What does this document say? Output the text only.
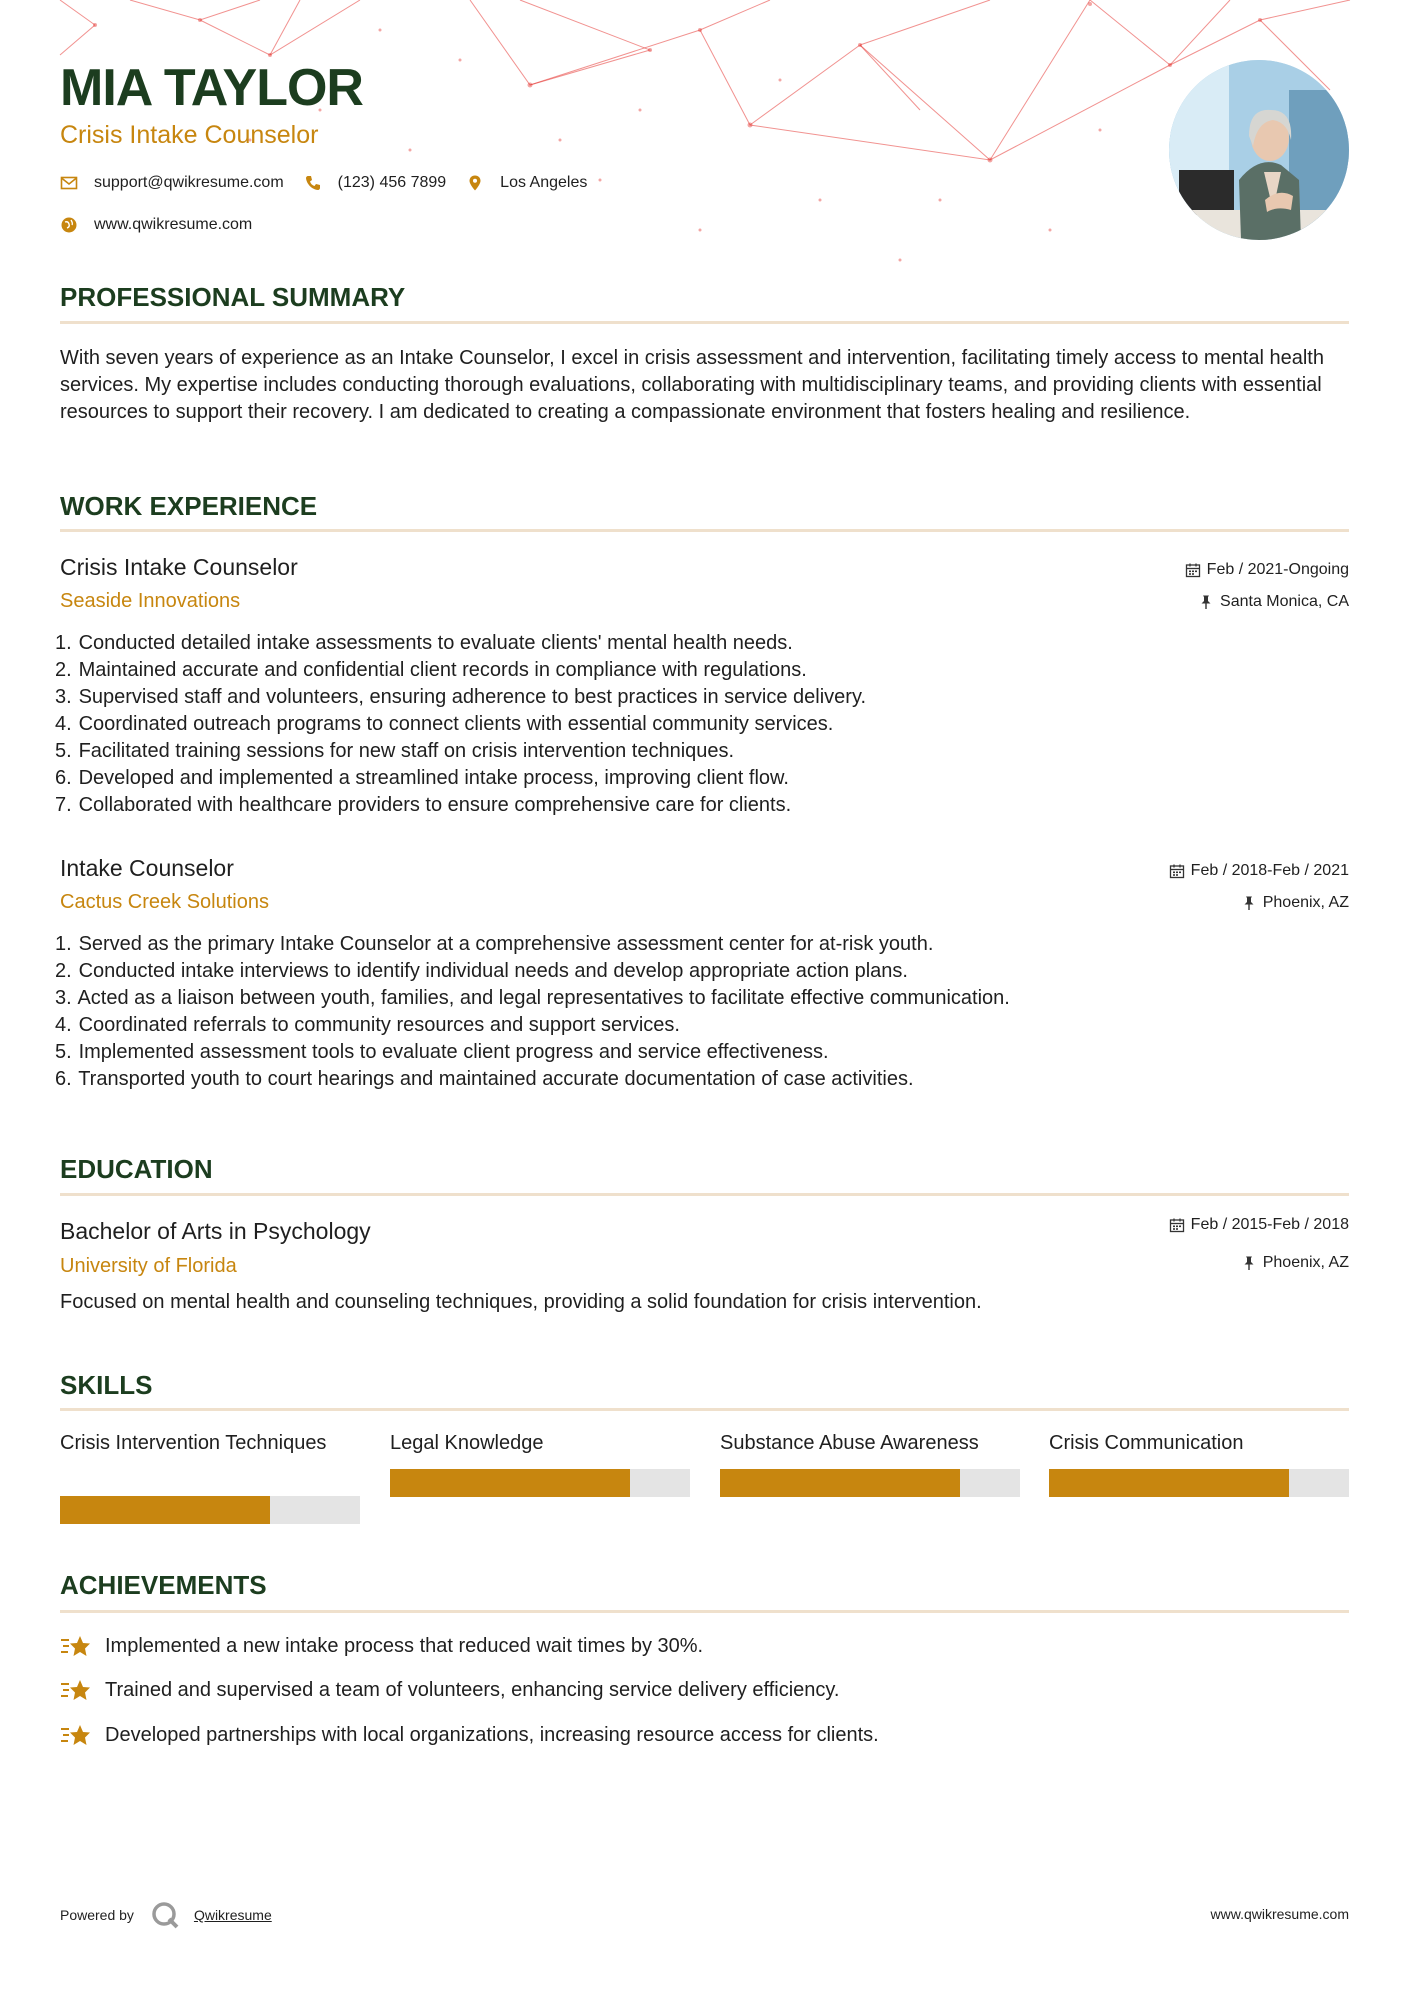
MIA TAYLOR
Crisis Intake Counselor
support@qwikresume.com	(123) 456 7899	Los Angeles
www.qwikresume.com
PROFESSIONAL SUMMARY
With seven years of experience as an Intake Counselor, I excel in crisis assessment and intervention, facilitating timely access to mental health services. My expertise includes conducting thorough evaluations, collaborating with multidisciplinary teams, and providing clients with essential resources to support their recovery. I am dedicated to creating a compassionate environment that fosters healing and resilience.
WORK EXPERIENCE
Crisis Intake Counselor
Seaside Innovations
Feb / 2021-Ongoing
Santa Monica, CA
1. Conducted detailed intake assessments to evaluate clients' mental health needs.
2. Maintained accurate and confidential client records in compliance with regulations.
3. Supervised staff and volunteers, ensuring adherence to best practices in service delivery.
4. Coordinated outreach programs to connect clients with essential community services.
5. Facilitated training sessions for new staff on crisis intervention techniques.
6. Developed and implemented a streamlined intake process, improving client flow.
7. Collaborated with healthcare providers to ensure comprehensive care for clients.
Intake Counselor
Cactus Creek Solutions
Feb / 2018-Feb / 2021
Phoenix, AZ
1. Served as the primary Intake Counselor at a comprehensive assessment center for at-risk youth.
2. Conducted intake interviews to identify individual needs and develop appropriate action plans.
3. Acted as a liaison between youth, families, and legal representatives to facilitate effective communication.
4. Coordinated referrals to community resources and support services.
5. Implemented assessment tools to evaluate client progress and service effectiveness.
6. Transported youth to court hearings and maintained accurate documentation of case activities.
EDUCATION
Bachelor of Arts in Psychology
University of Florida
Feb / 2015-Feb / 2018
Phoenix, AZ
Focused on mental health and counseling techniques, providing a solid foundation for crisis intervention.
SKILLS
Crisis Intervention Techniques	Legal Knowledge	Substance Abuse Awareness	Crisis Communication
ACHIEVEMENTS
Implemented a new intake process that reduced wait times by 30%.
Trained and supervised a team of volunteers, enhancing service delivery efficiency.
Developed partnerships with local organizations, increasing resource access for clients.
Powered by	Qwikresume	www.qwikresume.com
